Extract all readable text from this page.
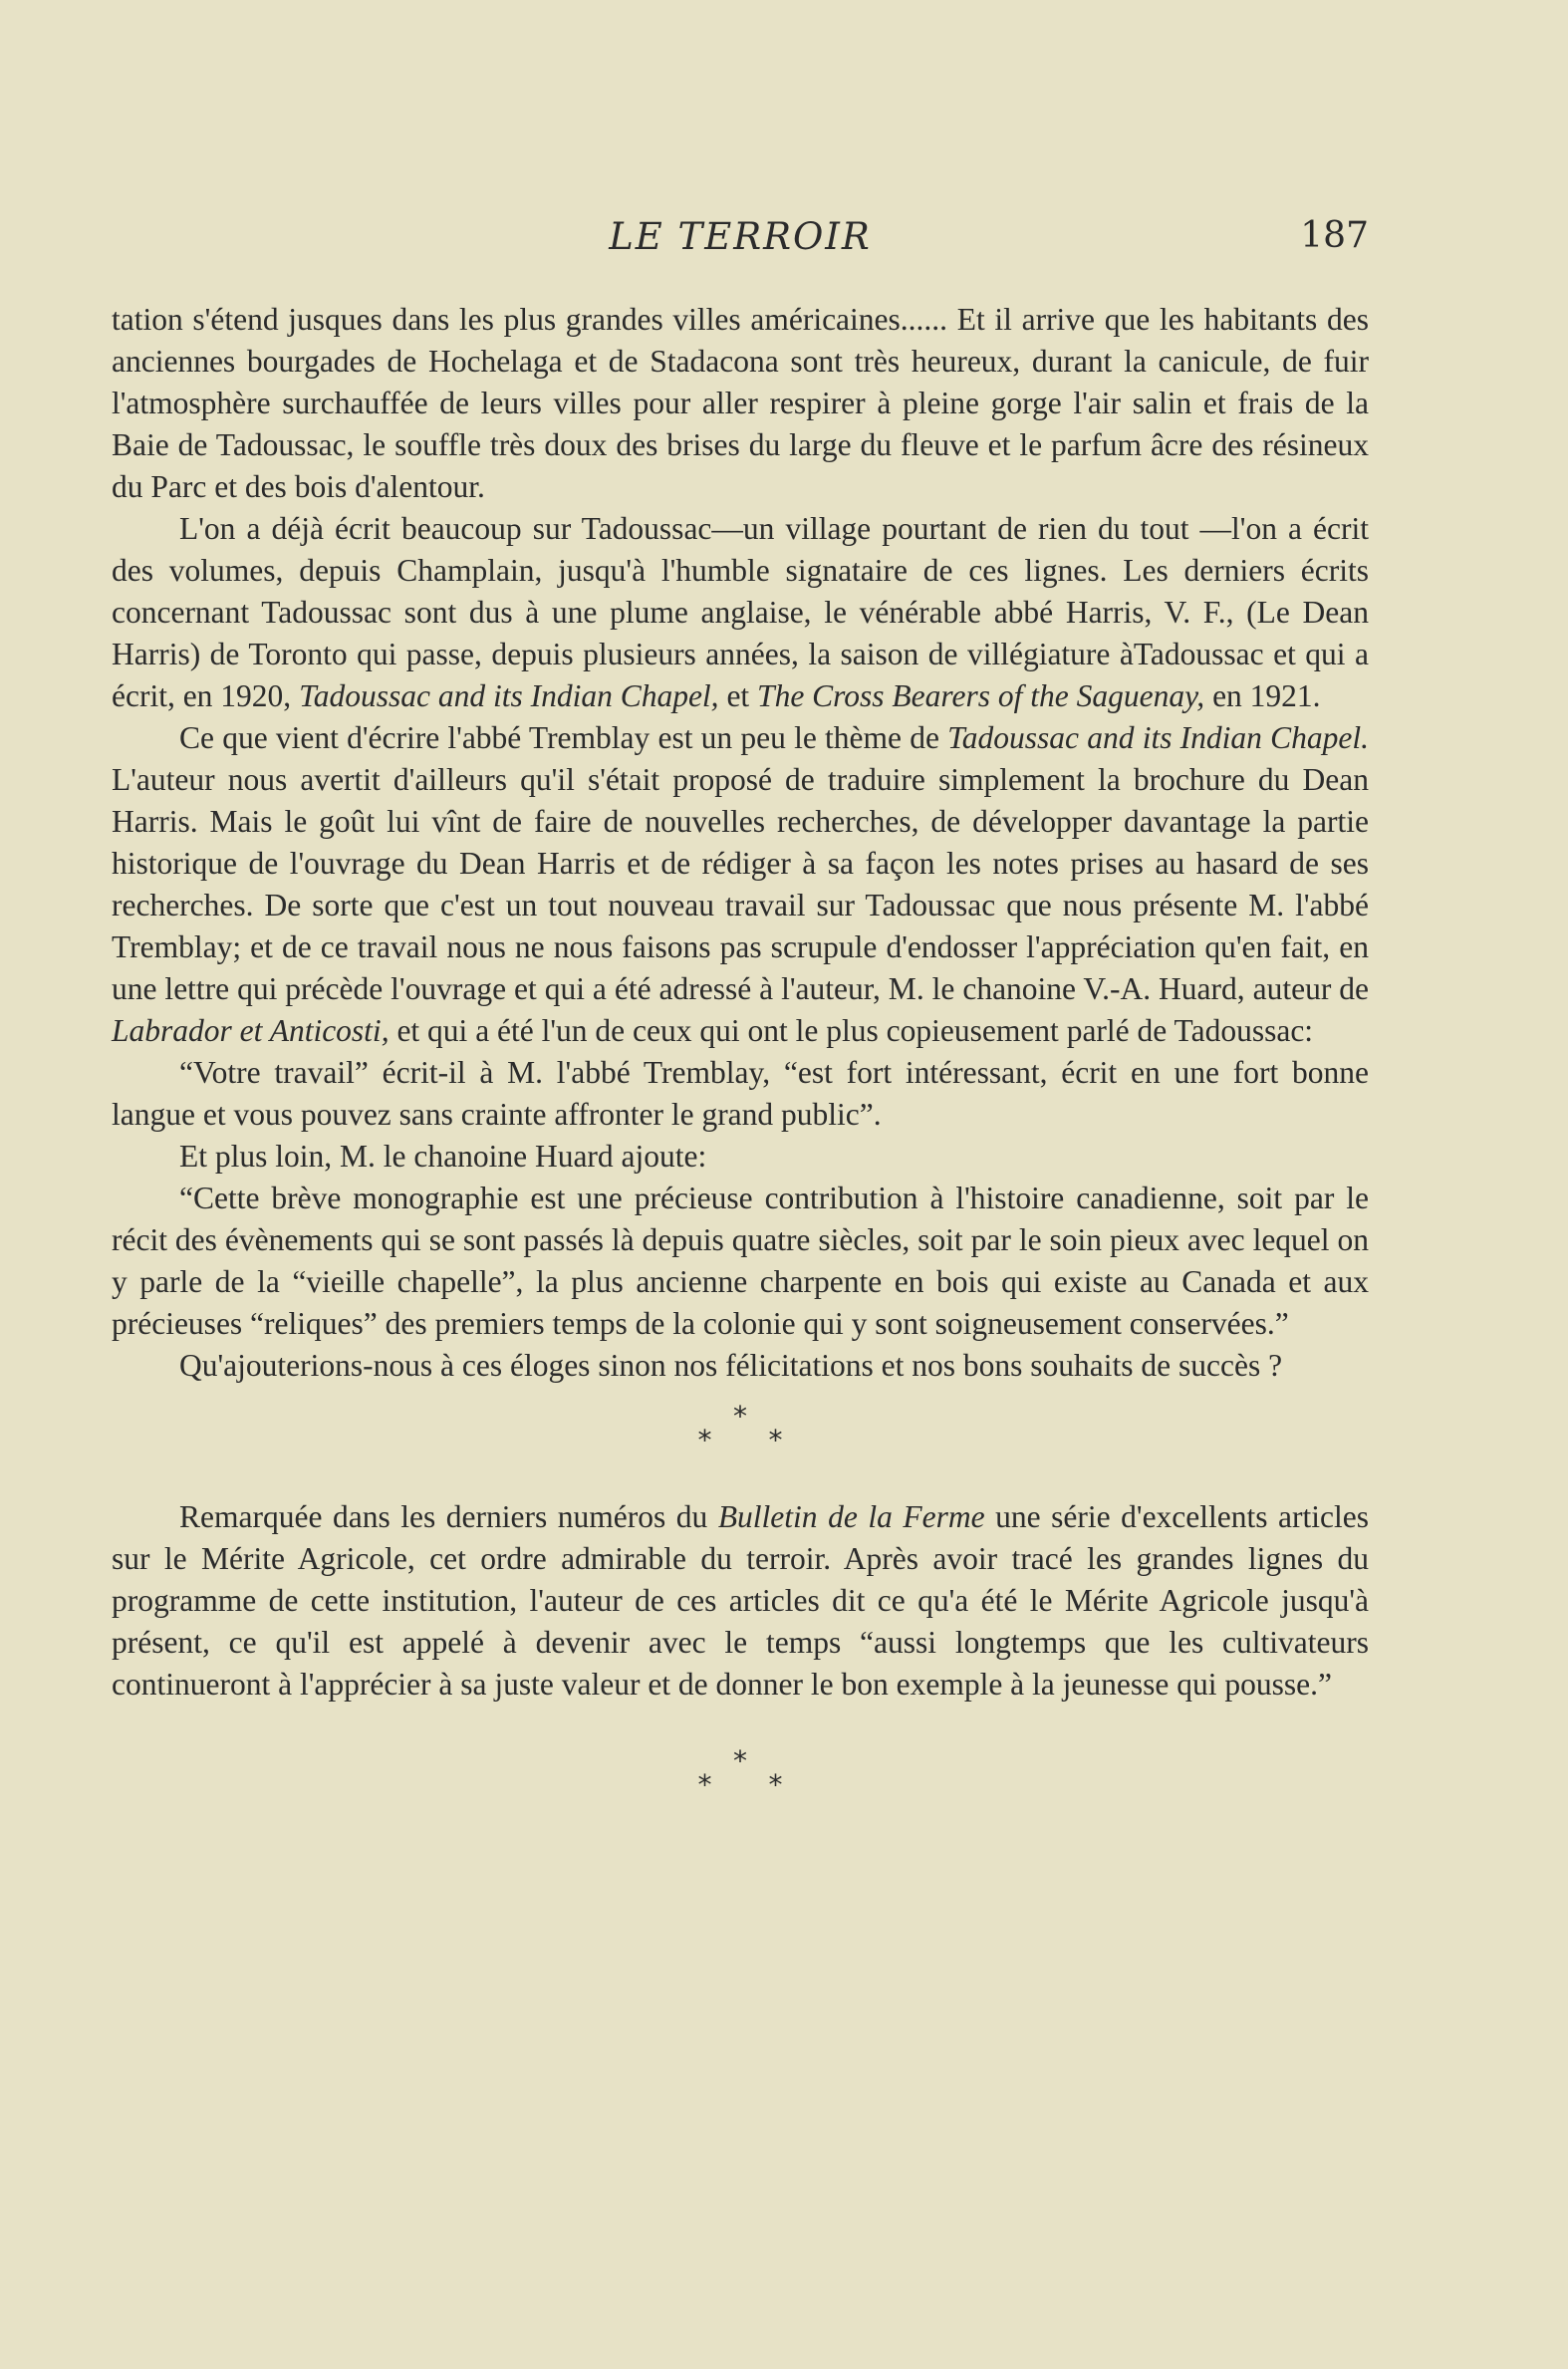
LE TERROIR	187

tation s'étend jusques dans les plus grandes villes américaines...... Et il arrive que les habitants des anciennes bourgades de Hochelaga et de Stadacona sont très heureux, durant la canicule, de fuir l'atmosphère surchauffée de leurs villes pour aller respirer à pleine gorge l'air salin et frais de la Baie de Tadoussac, le souffle très doux des brises du large du fleuve et le parfum âcre des résineux du Parc et des bois d'alentour.

L'on a déjà écrit beaucoup sur Tadoussac—un village pourtant de rien du tout —l'on a écrit des volumes, depuis Champlain, jusqu'à l'humble signataire de ces lignes. Les derniers écrits concernant Tadoussac sont dus à une plume anglaise, le vénérable abbé Harris, V. F., (Le Dean Harris) de Toronto qui passe, depuis plusieurs années, la saison de villégiature àTadoussac et qui a écrit, en 1920, Tadoussac and its Indian Chapel, et The Cross Bearers of the Saguenay, en 1921.

Ce que vient d'écrire l'abbé Tremblay est un peu le thème de Tadoussac and its Indian Chapel. L'auteur nous avertit d'ailleurs qu'il s'était proposé de traduire simplement la brochure du Dean Harris. Mais le goût lui vînt de faire de nouvelles recherches, de développer davantage la partie historique de l'ouvrage du Dean Harris et de rédiger à sa façon les notes prises au hasard de ses recherches. De sorte que c'est un tout nouveau travail sur Tadoussac que nous présente M. l'abbé Tremblay; et de ce travail nous ne nous faisons pas scrupule d'endosser l'appréciation qu'en fait, en une lettre qui précède l'ouvrage et qui a été adressé à l'auteur, M. le chanoine V.-A. Huard, auteur de Labrador et Anticosti, et qui a été l'un de ceux qui ont le plus copieusement parlé de Tadoussac:

“Votre travail” écrit-il à M. l'abbé Tremblay, “est fort intéressant, écrit en une fort bonne langue et vous pouvez sans crainte affronter le grand public”.

Et plus loin, M. le chanoine Huard ajoute:

“Cette brève monographie est une précieuse contribution à l'histoire canadienne, soit par le récit des évènements qui se sont passés là depuis quatre siècles, soit par le soin pieux avec lequel on y parle de la “vieille chapelle”, la plus ancienne charpente en bois qui existe au Canada et aux précieuses “reliques” des premiers temps de la colonie qui y sont soigneusement conservées.”

Qu'ajouterions-nous à ces éloges sinon nos félicitations et nos bons souhaits de succès ?

*
* *

Remarquée dans les derniers numéros du Bulletin de la Ferme une série d'excellents articles sur le Mérite Agricole, cet ordre admirable du terroir. Après avoir tracé les grandes lignes du programme de cette institution, l'auteur de ces articles dit ce qu'a été le Mérite Agricole jusqu'à présent, ce qu'il est appelé à devenir avec le temps “aussi longtemps que les cultivateurs continueront à l'apprécier à sa juste valeur et de donner le bon exemple à la jeunesse qui pousse.”

*
* *
